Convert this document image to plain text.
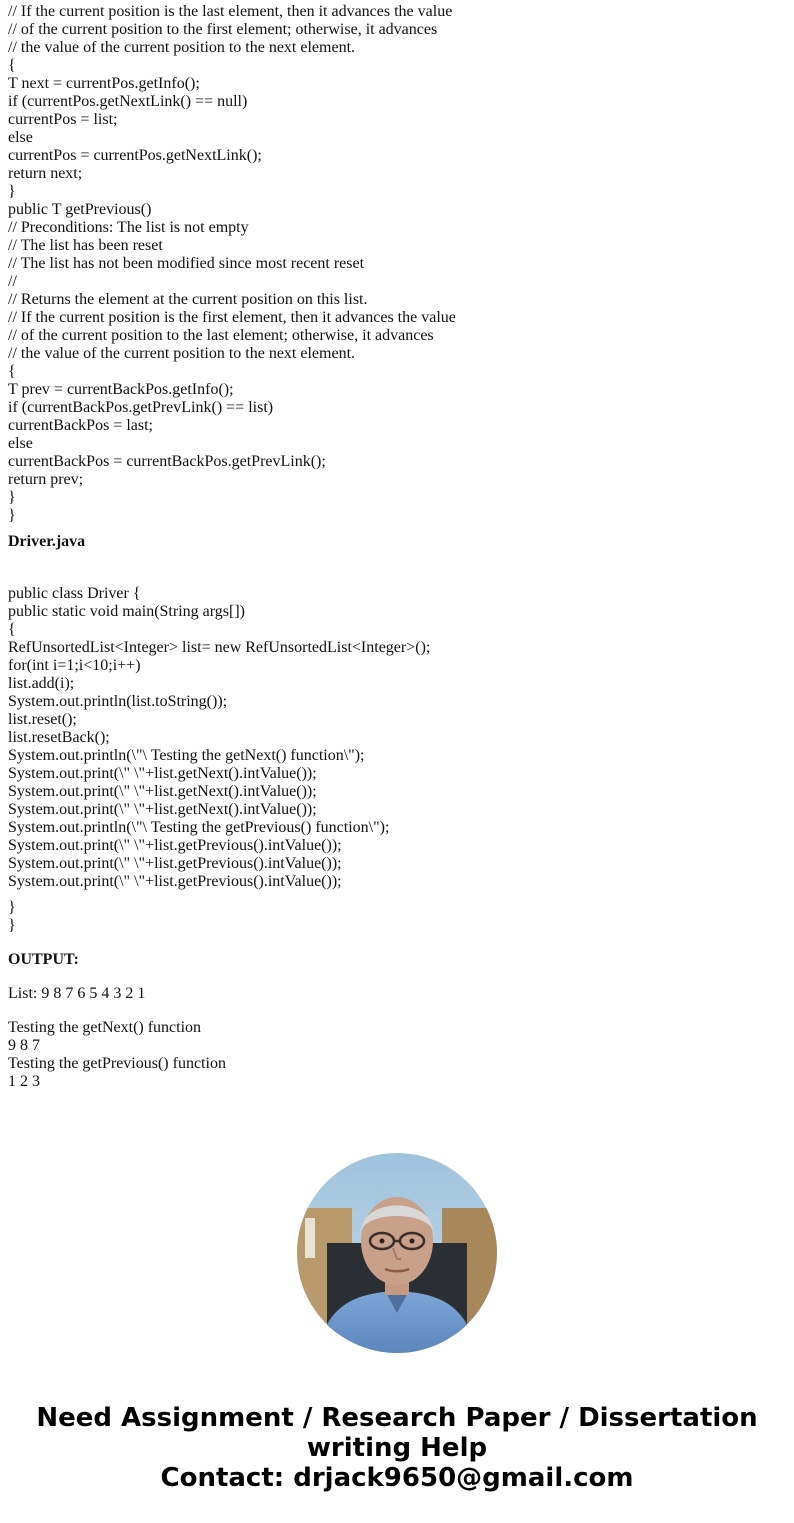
// If the current position is the last element, then it advances the value
// of the current position to the first element; otherwise, it advances
// the value of the current position to the next element.
{
T next = currentPos.getInfo();
if (currentPos.getNextLink() == null)
currentPos = list;
else
currentPos = currentPos.getNextLink();
return next;
}
public T getPrevious()
// Preconditions: The list is not empty
// The list has been reset
// The list has not been modified since most recent reset
//
// Returns the element at the current position on this list.
// If the current position is the first element, then it advances the value
// of the current position to the last element; otherwise, it advances
// the value of the current position to the next element.
{
T prev = currentBackPos.getInfo();
if (currentBackPos.getPrevLink() == list)
currentBackPos = last;
else
currentBackPos = currentBackPos.getPrevLink();
return prev;
}
}
Driver.java
public class Driver {
public static void main(String args[])
{
RefUnsortedList<Integer> list= new RefUnsortedList<Integer>();
for(int i=1;i<10;i++)
list.add(i);
System.out.println(list.toString());
list.reset();
list.resetBack();
System.out.println(\"\ Testing the getNext() function\");
System.out.print(\" \"+list.getNext().intValue());
System.out.print(\" \"+list.getNext().intValue());
System.out.print(\" \"+list.getNext().intValue());
System.out.println(\"\ Testing the getPrevious() function\");
System.out.print(\" \"+list.getPrevious().intValue());
System.out.print(\" \"+list.getPrevious().intValue());
System.out.print(\" \"+list.getPrevious().intValue());
}
}
OUTPUT:
List: 9 8 7 6 5 4 3 2 1
Testing the getNext() function
9 8 7
Testing the getPrevious() function
1 2 3
Need Assignment / Research Paper / Dissertation
writing Help
Contact: drjack9650@gmail.com
